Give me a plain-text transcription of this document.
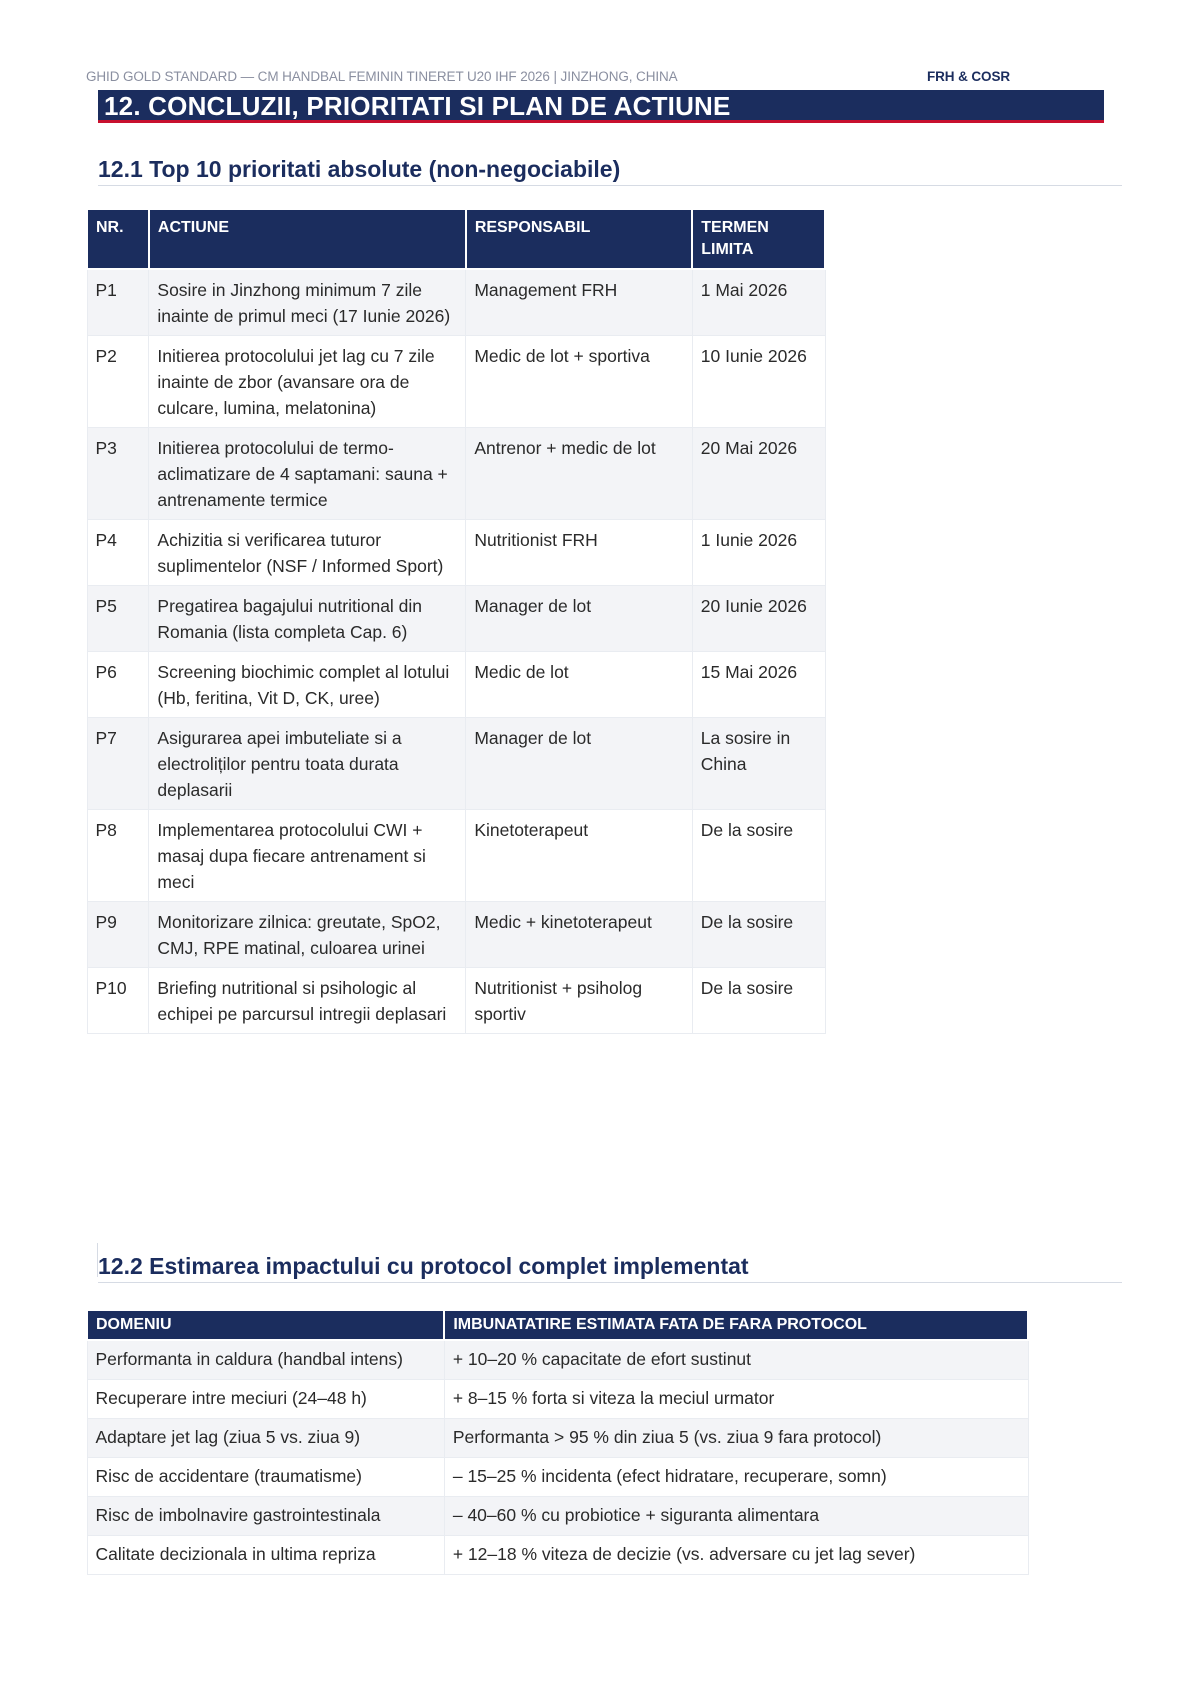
GHID GOLD STANDARD — CM HANDBAL FEMININ TINERET U20 IHF 2026 | JINZHONG, CHINA	FRH & COSR
12. CONCLUZII, PRIORITATI SI PLAN DE ACTIUNE
12.1 Top 10 prioritati absolute (non-negociabile)
NR.	ACTIUNE	RESPONSABIL	TERMEN LIMITA
P1	Sosire in Jinzhong minimum 7 zile inainte de primul meci (17 Iunie 2026)	Management FRH	1 Mai 2026
P2	Initierea protocolului jet lag cu 7 zile inainte de zbor (avansare ora de culcare, lumina, melatonina)	Medic de lot + sportiva	10 Iunie 2026
P3	Initierea protocolului de termo-aclimatizare de 4 saptamani: sauna + antrenamente termice	Antrenor + medic de lot	20 Mai 2026
P4	Achizitia si verificarea tuturor suplimentelor (NSF / Informed Sport)	Nutritionist FRH	1 Iunie 2026
P5	Pregatirea bagajului nutritional din Romania (lista completa Cap. 6)	Manager de lot	20 Iunie 2026
P6	Screening biochimic complet al lotului (Hb, feritina, Vit D, CK, uree)	Medic de lot	15 Mai 2026
P7	Asigurarea apei imbuteliate si a electroliților pentru toata durata deplasarii	Manager de lot	La sosire in China
P8	Implementarea protocolului CWI + masaj dupa fiecare antrenament si meci	Kinetoterapeut	De la sosire
P9	Monitorizare zilnica: greutate, SpO2, CMJ, RPE matinal, culoarea urinei	Medic + kinetoterapeut	De la sosire
P10	Briefing nutritional si psihologic al echipei pe parcursul intregii deplasari	Nutritionist + psiholog sportiv	De la sosire
12.2 Estimarea impactului cu protocol complet implementat
DOMENIU	IMBUNATATIRE ESTIMATA FATA DE FARA PROTOCOL
Performanta in caldura (handbal intens)	+ 10–20 % capacitate de efort sustinut
Recuperare intre meciuri (24–48 h)	+ 8–15 % forta si viteza la meciul urmator
Adaptare jet lag (ziua 5 vs. ziua 9)	Performanta > 95 % din ziua 5 (vs. ziua 9 fara protocol)
Risc de accidentare (traumatisme)	– 15–25 % incidenta (efect hidratare, recuperare, somn)
Risc de imbolnavire gastrointestinala	– 40–60 % cu probiotice + siguranta alimentara
Calitate decizionala in ultima repriza	+ 12–18 % viteza de decizie (vs. adversare cu jet lag sever)
